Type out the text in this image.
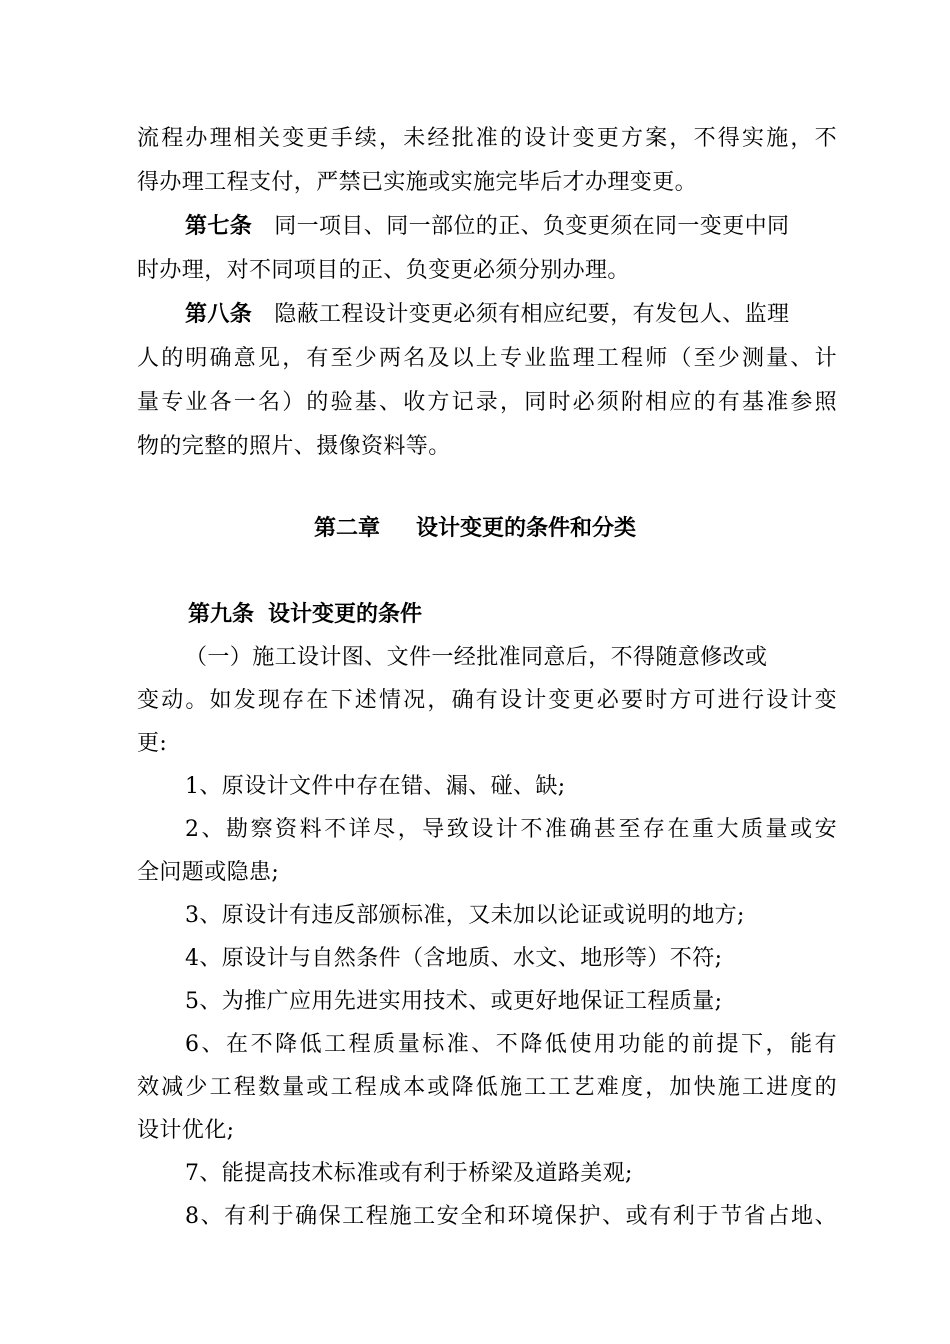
流程办理相关变更手续，未经批准的设计变更方案，不得实施，不
得办理工程支付，严禁已实施或实施完毕后才办理变更。
第七条 同一项目、同一部位的正、负变更须在同一变更中同
时办理，对不同项目的正、负变更必须分别办理。
第八条 隐蔽工程设计变更必须有相应纪要，有发包人、监理
人的明确意见，有至少两名及以上专业监理工程师（至少测量、计
量专业各一名）的验基、收方记录，同时必须附相应的有基准参照
物的完整的照片、摄像资料等。
第二章 设计变更的条件和分类
第九条 设计变更的条件
（一）施工设计图、文件一经批准同意后，不得随意修改或
变动。如发现存在下述情况，确有设计变更必要时方可进行设计变
更:
1、原设计文件中存在错、漏、碰、缺;
2、勘察资料不详尽，导致设计不准确甚至存在重大质量或安
全问题或隐患;
3、原设计有违反部颁标准，又未加以论证或说明的地方;
4、原设计与自然条件（含地质、水文、地形等）不符;
5、为推广应用先进实用技术、或更好地保证工程质量;
6、在不降低工程质量标准、不降低使用功能的前提下，能有
效减少工程数量或工程成本或降低施工工艺难度，加快施工进度的
设计优化;
7、能提高技术标准或有利于桥梁及道路美观;
8、有利于确保工程施工安全和环境保护、或有利于节省占地、
